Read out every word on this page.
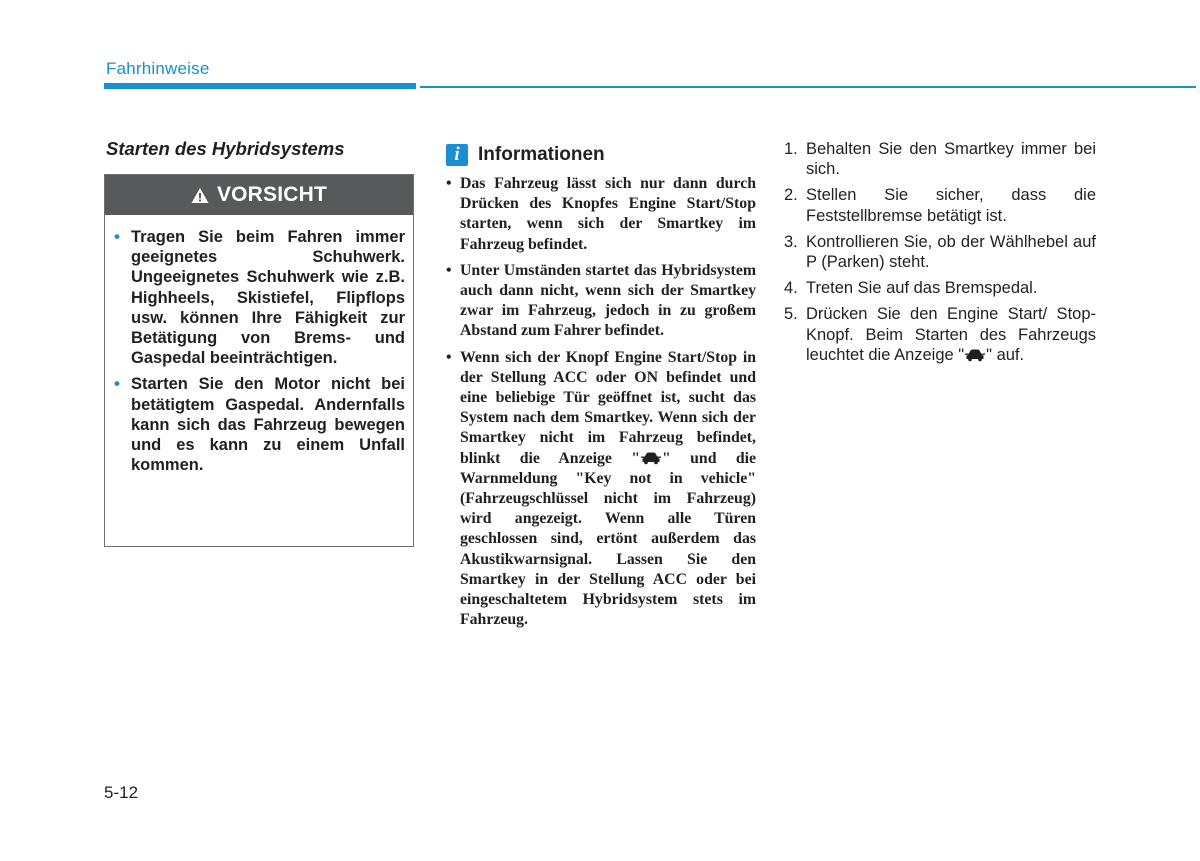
Fahrhinweise
Starten des Hybridsystems
VORSICHT
• Tragen Sie beim Fahren immer geeignetes Schuhwerk. Ungeeignetes Schuhwerk wie z.B. Highheels, Skistiefel, Flipflops usw. können Ihre Fähigkeit zur Betätigung von Brems- und Gaspedal beeinträchtigen.
• Starten Sie den Motor nicht bei betätigtem Gaspedal. Andernfalls kann sich das Fahrzeug bewegen und es kann zu einem Unfall kommen.
i Informationen
• Das Fahrzeug lässt sich nur dann durch Drücken des Knopfes Engine Start/Stop starten, wenn sich der Smartkey im Fahrzeug befindet.
• Unter Umständen startet das Hybridsystem auch dann nicht, wenn sich der Smartkey zwar im Fahrzeug, jedoch in zu großem Abstand zum Fahrer befindet.
• Wenn sich der Knopf Engine Start/Stop in der Stellung ACC oder ON befindet und eine beliebige Tür geöffnet ist, sucht das System nach dem Smartkey. Wenn sich der Smartkey nicht im Fahrzeug befindet, blinkt die Anzeige " " und die Warnmeldung "Key not in vehicle" (Fahrzeugschlüssel nicht im Fahrzeug) wird angezeigt. Wenn alle Türen geschlossen sind, ertönt außerdem das Akustikwarnsignal. Lassen Sie den Smartkey in der Stellung ACC oder bei eingeschaltetem Hybridsystem stets im Fahrzeug.
1. Behalten Sie den Smartkey immer bei sich.
2. Stellen Sie sicher, dass die Feststellbremse betätigt ist.
3. Kontrollieren Sie, ob der Wählhebel auf P (Parken) steht.
4. Treten Sie auf das Bremspedal.
5. Drücken Sie den Engine Start/ Stop-Knopf. Beim Starten des Fahrzeugs leuchtet die Anzeige " " auf.
5-12
